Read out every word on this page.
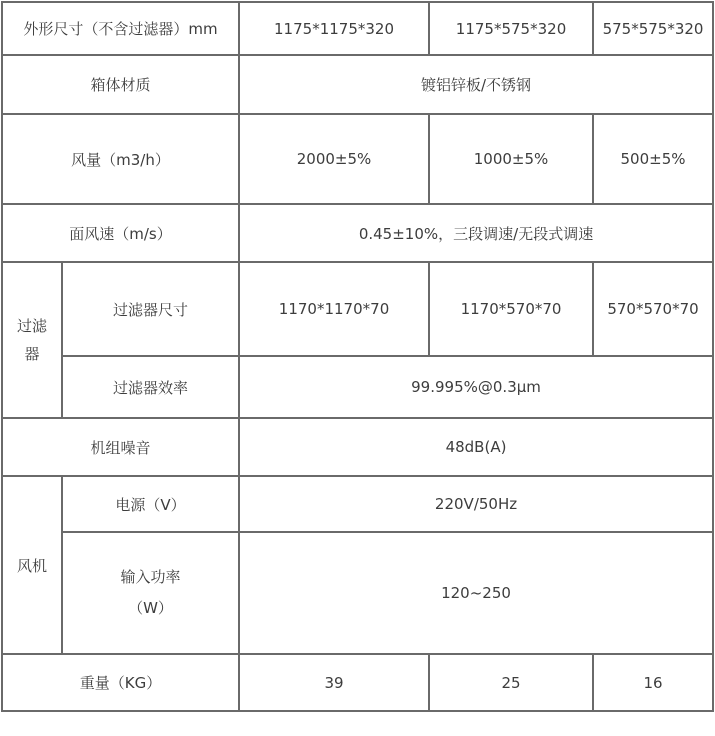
外形尺寸（不含过滤器）mm		1175*1175*320	1175*575*320	575*575*320
箱体材质		镀铝锌板/不锈钢		
风量（m3/h）		2000±5%	1000±5%	500±5%
面风速（m/s）		0.45±10%，三段调速/无段式调速		

过滤器	过滤器尺寸	1170*1170*70	1170*570*70	570*570*70
	过滤器效率	99.995%@0.3μm		
机组噪音		48dB(A)		

风机	电源（V）	220V/50Hz		

	输入功率（W）	120~250		
重量（KG）		39	25	16
